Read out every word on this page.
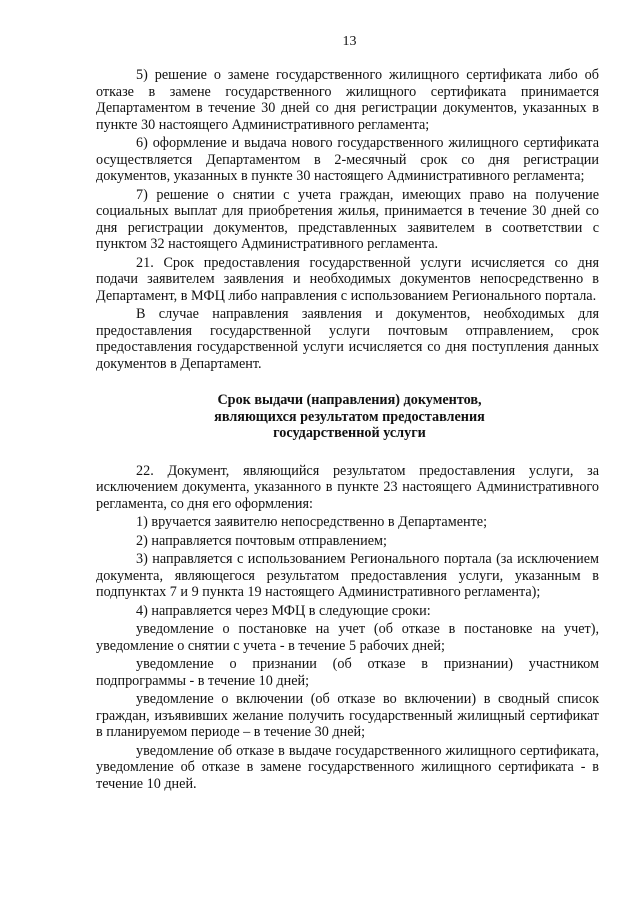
13

5) решение о замене государственного жилищного сертификата либо об отказе в замене государственного жилищного сертификата принимается Департаментом в течение 30 дней со дня регистрации документов, указанных в пункте 30 настоящего Административного регламента;

6) оформление и выдача нового государственного жилищного сертификата осуществляется Департаментом в 2-месячный срок со дня регистрации документов, указанных в пункте 30 настоящего Административного регламента;

7) решение о снятии с учета граждан, имеющих право на получение социальных выплат для приобретения жилья, принимается в течение 30 дней со дня регистрации документов, представленных заявителем в соответствии с пунктом 32 настоящего Административного регламента.

21. Срок предоставления государственной услуги исчисляется со дня подачи заявителем заявления и необходимых документов непосредственно в Департамент, в МФЦ либо направления с использованием Регионального портала.

В случае направления заявления и документов, необходимых для предоставления государственной услуги почтовым отправлением, срок предоставления государственной услуги исчисляется со дня поступления данных документов в Департамент.

Срок выдачи (направления) документов,
являющихся результатом предоставления
государственной услуги

22. Документ, являющийся результатом предоставления услуги, за исключением документа, указанного в пункте 23 настоящего Административного регламента, со дня его оформления:

1) вручается заявителю непосредственно в Департаменте;

2) направляется почтовым отправлением;

3) направляется с использованием Регионального портала (за исключением документа, являющегося результатом предоставления услуги, указанным в подпунктах 7 и 9 пункта 19 настоящего Административного регламента);

4) направляется через МФЦ в следующие сроки:

уведомление о постановке на учет (об отказе в постановке на учет), уведомление о снятии с учета - в течение 5 рабочих дней;

уведомление о признании (об отказе в признании) участником подпрограммы - в течение 10 дней;

уведомление о включении (об отказе во включении) в сводный список граждан, изъявивших желание получить государственный жилищный сертификат в планируемом периоде – в течение 30 дней;

уведомление об отказе в выдаче государственного жилищного сертификата, уведомление об отказе в замене государственного жилищного сертификата - в течение 10 дней.
